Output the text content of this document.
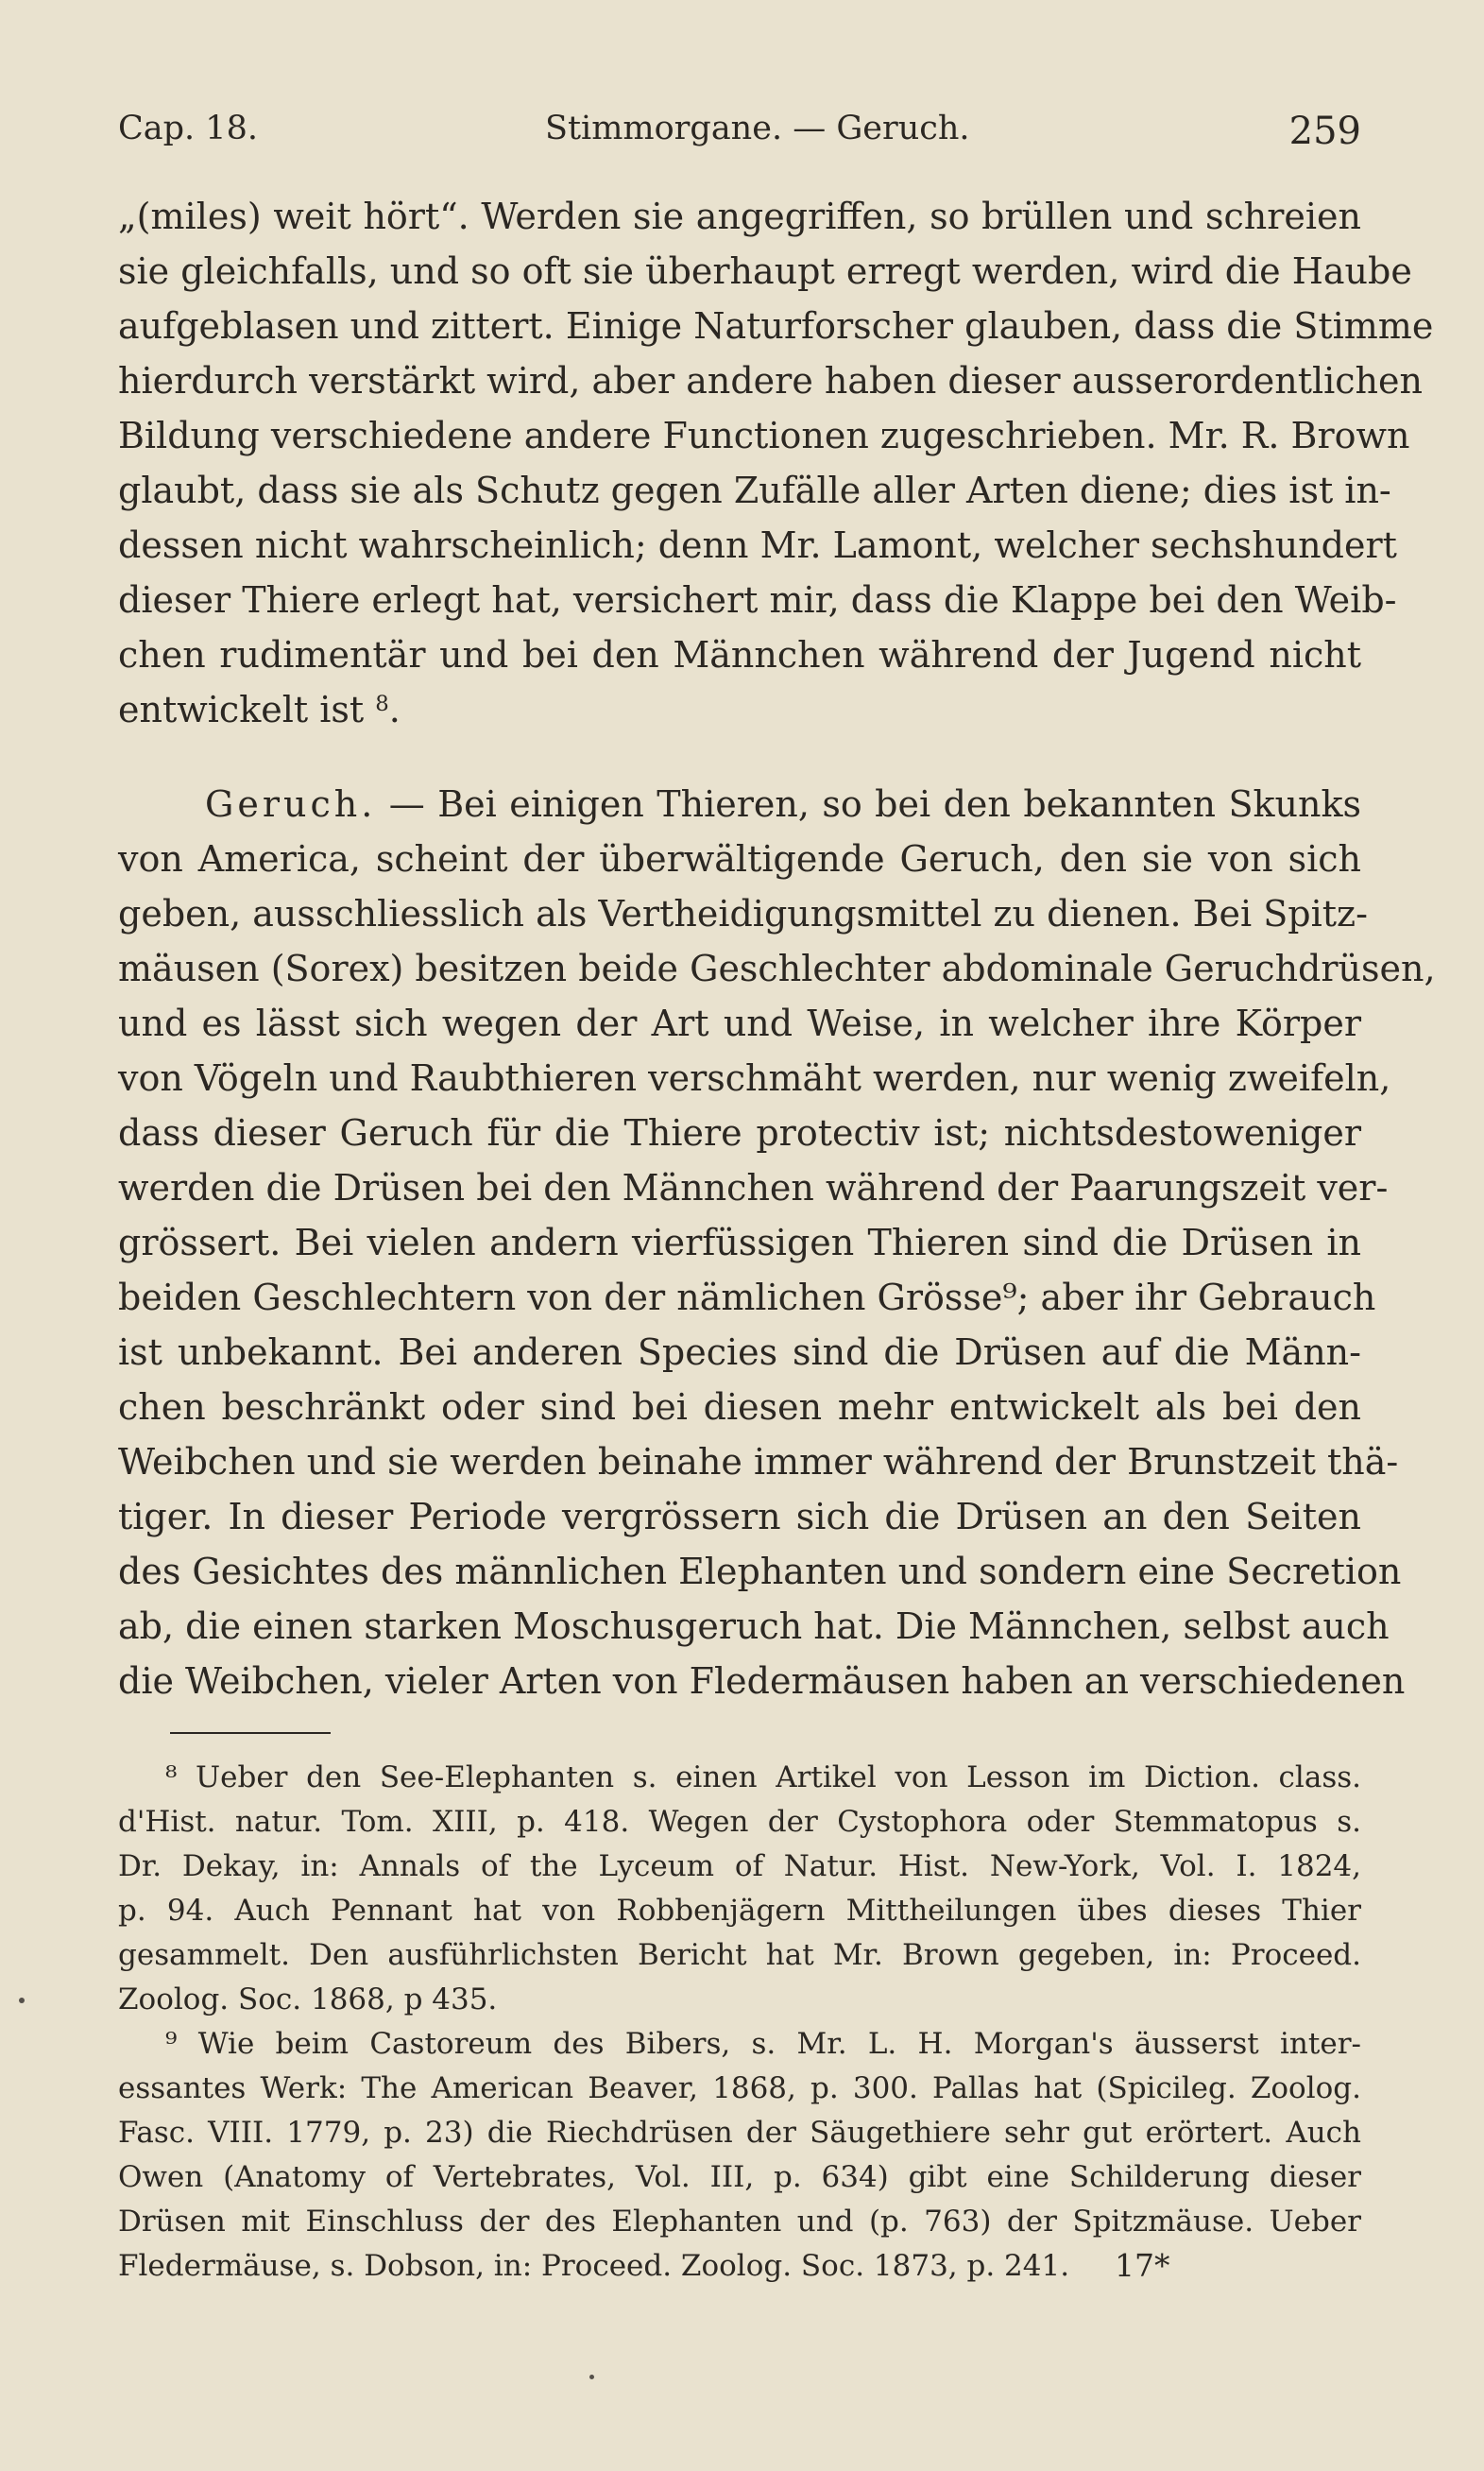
Cap. 18.	Stimmorgane. — Geruch.	259
„(miles) weit hört“. Werden sie angegriffen, so brüllen und schreien
sie gleichfalls, und so oft sie überhaupt erregt werden, wird die Haube
aufgeblasen und zittert. Einige Naturforscher glauben, dass die Stimme
hierdurch verstärkt wird, aber andere haben dieser ausserordentlichen
Bildung verschiedene andere Functionen zugeschrieben. Mr. R. Brown
glaubt, dass sie als Schutz gegen Zufälle aller Arten diene; dies ist in-
dessen nicht wahrscheinlich; denn Mr. Lamont, welcher sechshundert
dieser Thiere erlegt hat, versichert mir, dass die Klappe bei den Weib-
chen rudimentär und bei den Männchen während der Jugend nicht
entwickelt ist $^8$.
Geruch. — Bei einigen Thieren, so bei den bekannten Skunks
von America, scheint der überwältigende Geruch, den sie von sich
geben, ausschliesslich als Vertheidigungsmittel zu dienen. Bei Spitz-
mäusen (Sorex) besitzen beide Geschlechter abdominale Geruchdrüsen,
und es lässt sich wegen der Art und Weise, in welcher ihre Körper
von Vögeln und Raubthieren verschmäht werden, nur wenig zweifeln,
dass dieser Geruch für die Thiere protectiv ist; nichtsdestoweniger
werden die Drüsen bei den Männchen während der Paarungszeit ver-
grössert. Bei vielen andern vierfüssigen Thieren sind die Drüsen in
beiden Geschlechtern von der nämlichen Grösse⁹; aber ihr Gebrauch
ist unbekannt. Bei anderen Species sind die Drüsen auf die Männ-
chen beschränkt oder sind bei diesen mehr entwickelt als bei den
Weibchen und sie werden beinahe immer während der Brunstzeit thä-
tiger. In dieser Periode vergrössern sich die Drüsen an den Seiten
des Gesichtes des männlichen Elephanten und sondern eine Secretion
ab, die einen starken Moschusgeruch hat. Die Männchen, selbst auch
die Weibchen, vieler Arten von Fledermäusen haben an verschiedenen
⁸ Ueber den See-Elephanten s. einen Artikel von Lesson im Diction. class.
d'Hist. natur. Tom. XIII, p. 418. Wegen der Cystophora oder Stemmatopus s.
Dr. Dekay, in: Annals of the Lyceum of Natur. Hist. New-York, Vol. I. 1824,
p. 94. Auch Pennant hat von Robbenjägern Mittheilungen übes dieses Thier
gesammelt. Den ausführlichsten Bericht hat Mr. Brown gegeben, in: Proceed.
Zoolog. Soc. 1868, p 435.
⁹ Wie beim Castoreum des Bibers, s. Mr. L. H. Morgan's äusserst inter-
essantes Werk: The American Beaver, 1868, p. 300. Pallas hat (Spicileg. Zoolog.
Fasc. VIII. 1779, p. 23) die Riechdrüsen der Säugethiere sehr gut erörtert. Auch
Owen (Anatomy of Vertebrates, Vol. III, p. 634) gibt eine Schilderung dieser
Drüsen mit Einschluss der des Elephanten und (p. 763) der Spitzmäuse. Ueber
Fledermäuse, s. Dobson, in: Proceed. Zoolog. Soc. 1873, p. 241.	17*
